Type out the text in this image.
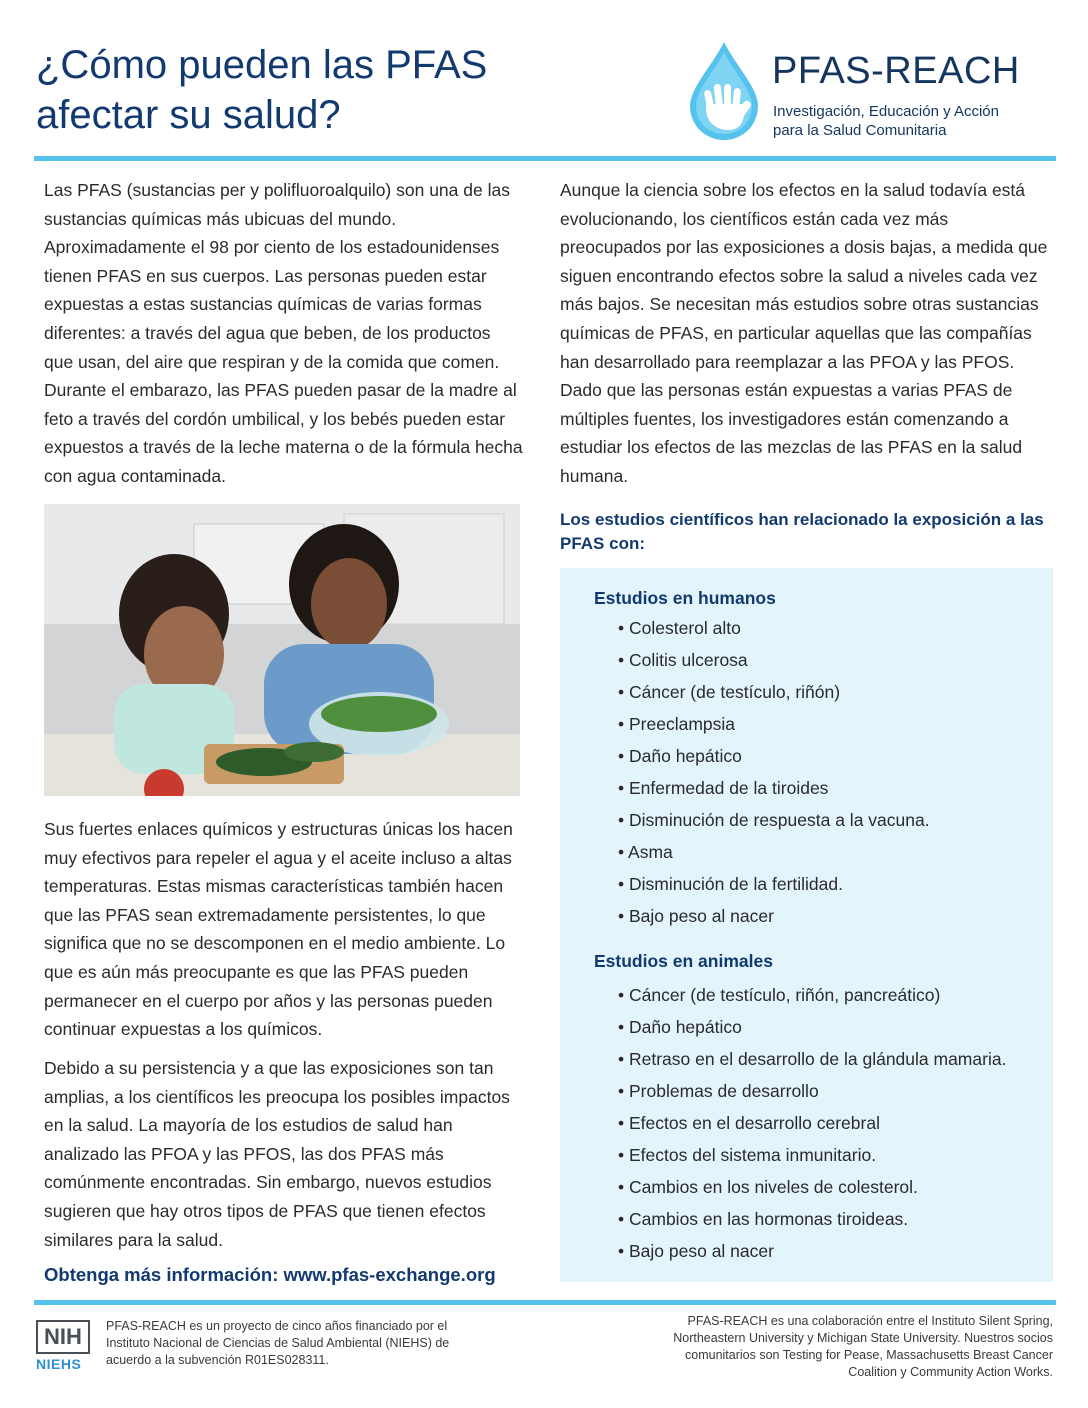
¿Cómo pueden las PFAS
afectar su salud?
PFAS-REACH
Investigación, Educación y Acción
para la Salud Comunitaria

Las PFAS (sustancias per y polifluoroalquilo) son una de las sustancias químicas más ubicuas del mundo. Aproximadamente el 98 por ciento de los estadounidenses tienen PFAS en sus cuerpos. Las personas pueden estar expuestas a estas sustancias químicas de varias formas diferentes: a través del agua que beben, de los productos que usan, del aire que respiran y de la comida que comen. Durante el embarazo, las PFAS pueden pasar de la madre al feto a través del cordón umbilical, y los bebés pueden estar expuestos a través de la leche materna o de la fórmula hecha con agua contaminada.

Sus fuertes enlaces químicos y estructuras únicas los hacen muy efectivos para repeler el agua y el aceite incluso a altas temperaturas. Estas mismas características también hacen que las PFAS sean extremadamente persistentes, lo que significa que no se descomponen en el medio ambiente. Lo que es aún más preocupante es que las PFAS pueden permanecer en el cuerpo por años y las personas pueden continuar expuestas a los químicos.

Debido a su persistencia y a que las exposiciones son tan amplias, a los científicos les preocupa los posibles impactos en la salud. La mayoría de los estudios de salud han analizado las PFOA y las PFOS, las dos PFAS más comúnmente encontradas. Sin embargo, nuevos estudios sugieren que hay otros tipos de PFAS que tienen efectos similares para la salud.

Obtenga más información: www.pfas-exchange.org

Aunque la ciencia sobre los efectos en la salud todavía está evolucionando, los científicos están cada vez más preocupados por las exposiciones a dosis bajas, a medida que siguen encontrando efectos sobre la salud a niveles cada vez más bajos. Se necesitan más estudios sobre otras sustancias químicas de PFAS, en particular aquellas que las compañías han desarrollado para reemplazar a las PFOA y las PFOS. Dado que las personas están expuestas a varias PFAS de múltiples fuentes, los investigadores están comenzando a estudiar los efectos de las mezclas de las PFAS en la salud humana.

Los estudios científicos han relacionado la exposición a las PFAS con:
Estudios en humanos
• Colesterol alto
• Colitis ulcerosa
• Cáncer (de testículo, riñón)
• Preeclampsia
• Daño hepático
• Enfermedad de la tiroides
• Disminución de respuesta a la vacuna.
• Asma
• Disminución de la fertilidad.
• Bajo peso al nacer
Estudios en animales
• Cáncer (de testículo, riñón, pancreático)
• Daño hepático
• Retraso en el desarrollo de la glándula mamaria.
• Problemas de desarrollo
• Efectos en el desarrollo cerebral
• Efectos del sistema inmunitario.
• Cambios en los niveles de colesterol.
• Cambios en las hormonas tiroideas.
• Bajo peso al nacer
NIH
NIEHS
PFAS-REACH es un proyecto de cinco años financiado por el Instituto Nacional de Ciencias de Salud Ambiental (NIEHS) de acuerdo a la subvención R01ES028311.
PFAS-REACH es una colaboración entre el Instituto Silent Spring, Northeastern University y Michigan State University. Nuestros socios comunitarios son Testing for Pease, Massachusetts Breast Cancer Coalition y Community Action Works.
